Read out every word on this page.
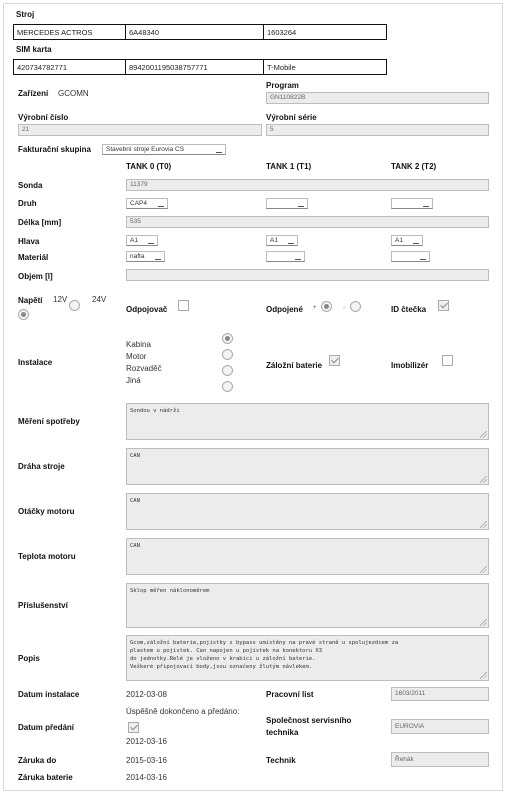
Stroj
MERCEDES ACTROS	6A48340	1603264
SIM karta
420734782771	8942001195038757771	T-Mobile
Zařízení GCOMN
Program
GN110822B
Výrobní číslo
21
Výrobní série
5
Fakturační skupina	Stavební stroje Eurovia CS
TANK 0 (T0)	TANK 1 (T1)	TANK 2 (T2)
Sonda	11379
Druh	CAP4
Délka [mm]	535
Hlava	A1	A1	A1
Materiál	nafta
Objem [l]
Napětí 12V	24V
Odpojovač	Odpojené +	-	ID čtečka
Instalace
Kabina
Motor
Rozvaděč
Jiná
Záložní baterie	Imobilizér
Měření spotřeby
Sondou v nádrži
Dráha stroje
CAN
Otáčky motoru
CAN
Teplota motoru
CAN
Příslušenství
Sklop měřen náklonoměrem
Popis
Gcom,záložní baterie,pojistky s bypass umístěny na pravé straně u spolujezdcem za
plastem u pojistek. Can napojen u pojistek na konektoru X3
do jednotky.Relé je vloženo v krabici u záložní baterie.
Veškeré připojovací body,jsou označeny žlutým návlekem.
Datum instalace	2012-03-08	Pracovní list	1603/2011
Datum předání
Úspěšně dokončeno a předáno:
2012-03-16
Společnost servisního
technika
EUROVIA
Záruka do	2015-03-16	Technik	Řehák
Záruka baterie	2014-03-16
